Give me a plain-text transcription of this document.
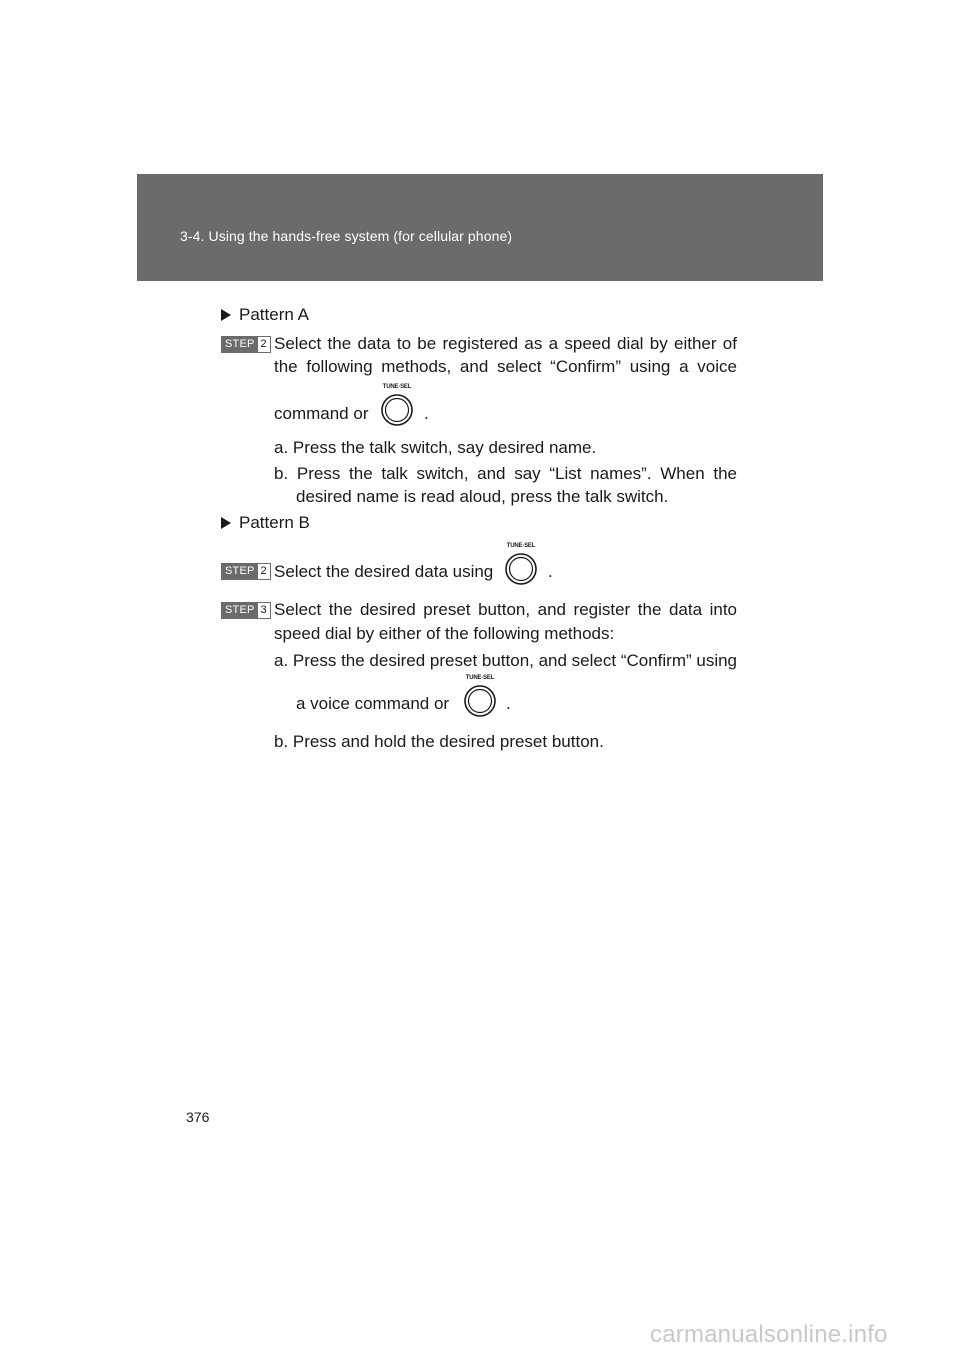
3-4. Using the hands-free system (for cellular phone)
Pattern A
STEP 2 Select the data to be registered as a speed dial by either of
the following methods, and select “Confirm” using a voice
command or
TUNE·SEL
.
a. Press the talk switch, say desired name.
b. Press the talk switch, and say “List names”. When the
desired name is read aloud, press the talk switch.
Pattern B
STEP 2 Select the desired data using
TUNE·SEL
.
STEP 3 Select the desired preset button, and register the data into
speed dial by either of the following methods:
a. Press the desired preset button, and select “Confirm” using
a voice command or
TUNE·SEL
.
b. Press and hold the desired preset button.
376
carmanualsonline.info
